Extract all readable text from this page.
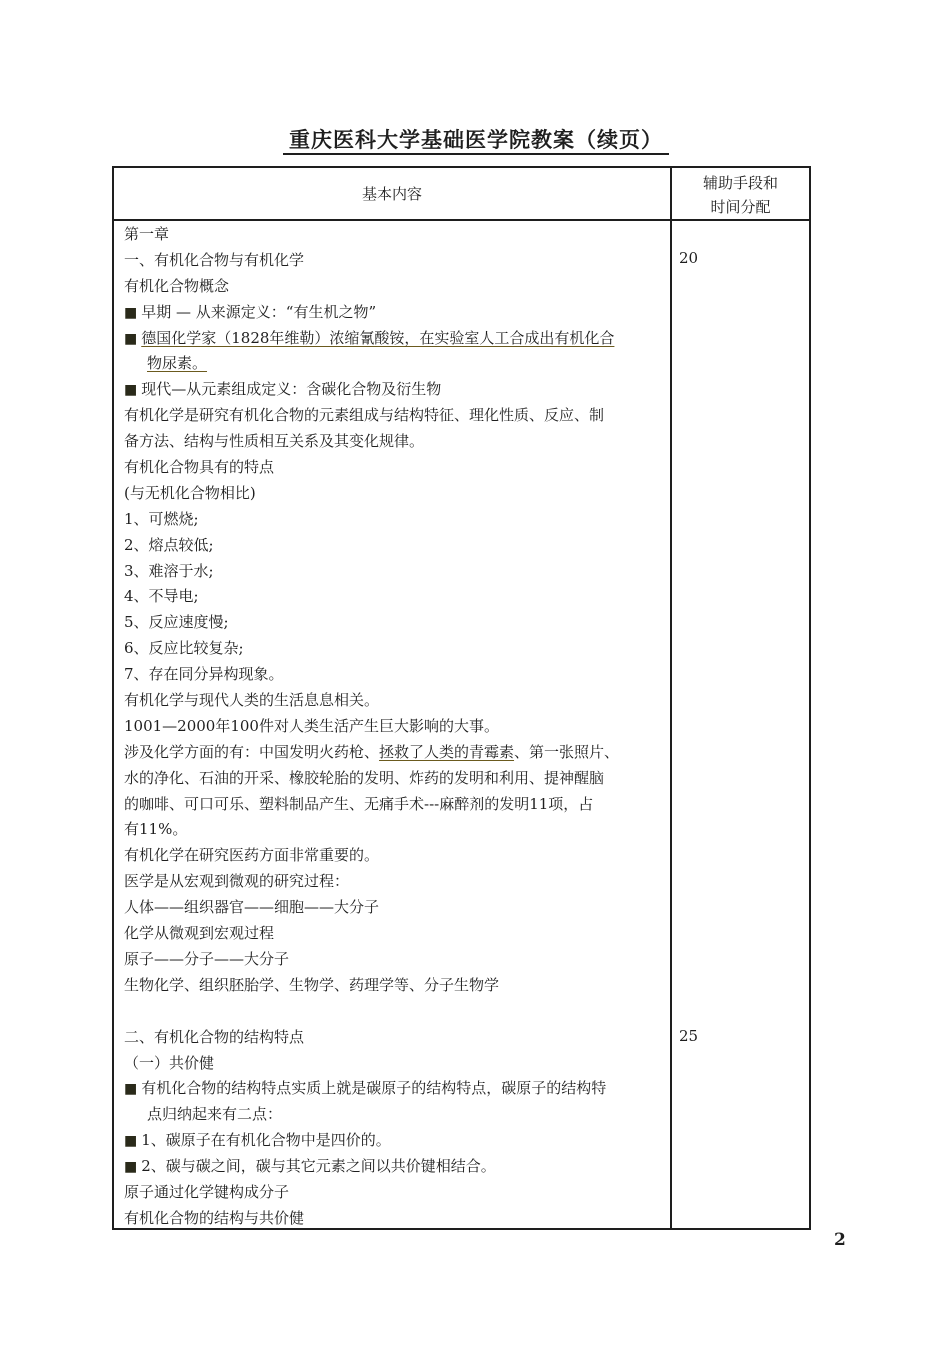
重庆医科大学基础医学院教案（续页）
基本内容
辅助手段和
时间分配
第一章
一、有机化合物与有机化学
有机化合物概念
■ 早期 — 从来源定义：“有生机之物”
■ 德国化学家（1828年维勒）浓缩氰酸铵，在实验室人工合成出有机化合
物尿素。
■ 现代—从元素组成定义：含碳化合物及衍生物
有机化学是研究有机化合物的元素组成与结构特征、理化性质、反应、制
备方法、结构与性质相互关系及其变化规律。
有机化合物具有的特点
(与无机化合物相比)
1、可燃烧;
2、熔点较低;
3、难溶于水;
4、不导电;
5、反应速度慢;
6、反应比较复杂;
7、存在同分异构现象。
有机化学与现代人类的生活息息相关。
1001—2000年100件对人类生活产生巨大影响的大事。
涉及化学方面的有：中国发明火药枪、拯救了人类的青霉素、第一张照片、
水的净化、石油的开采、橡胶轮胎的发明、炸药的发明和利用、提神醒脑
的咖啡、可口可乐、塑料制品产生、无痛手术---麻醉剂的发明11项，占
有11%。
有机化学在研究医药方面非常重要的。
医学是从宏观到微观的研究过程：
人体——组织器官——细胞——大分子
化学从微观到宏观过程
原子——分子——大分子
生物化学、组织胚胎学、生物学、药理学等、分子生物学
二、有机化合物的结构特点
（一）共价健
■ 有机化合物的结构特点实质上就是碳原子的结构特点，碳原子的结构特
点归纳起来有二点：
■ 1、碳原子在有机化合物中是四价的。
■ 2、碳与碳之间，碳与其它元素之间以共价键相结合。
原子通过化学键构成分子
有机化合物的结构与共价健
20
25
2
